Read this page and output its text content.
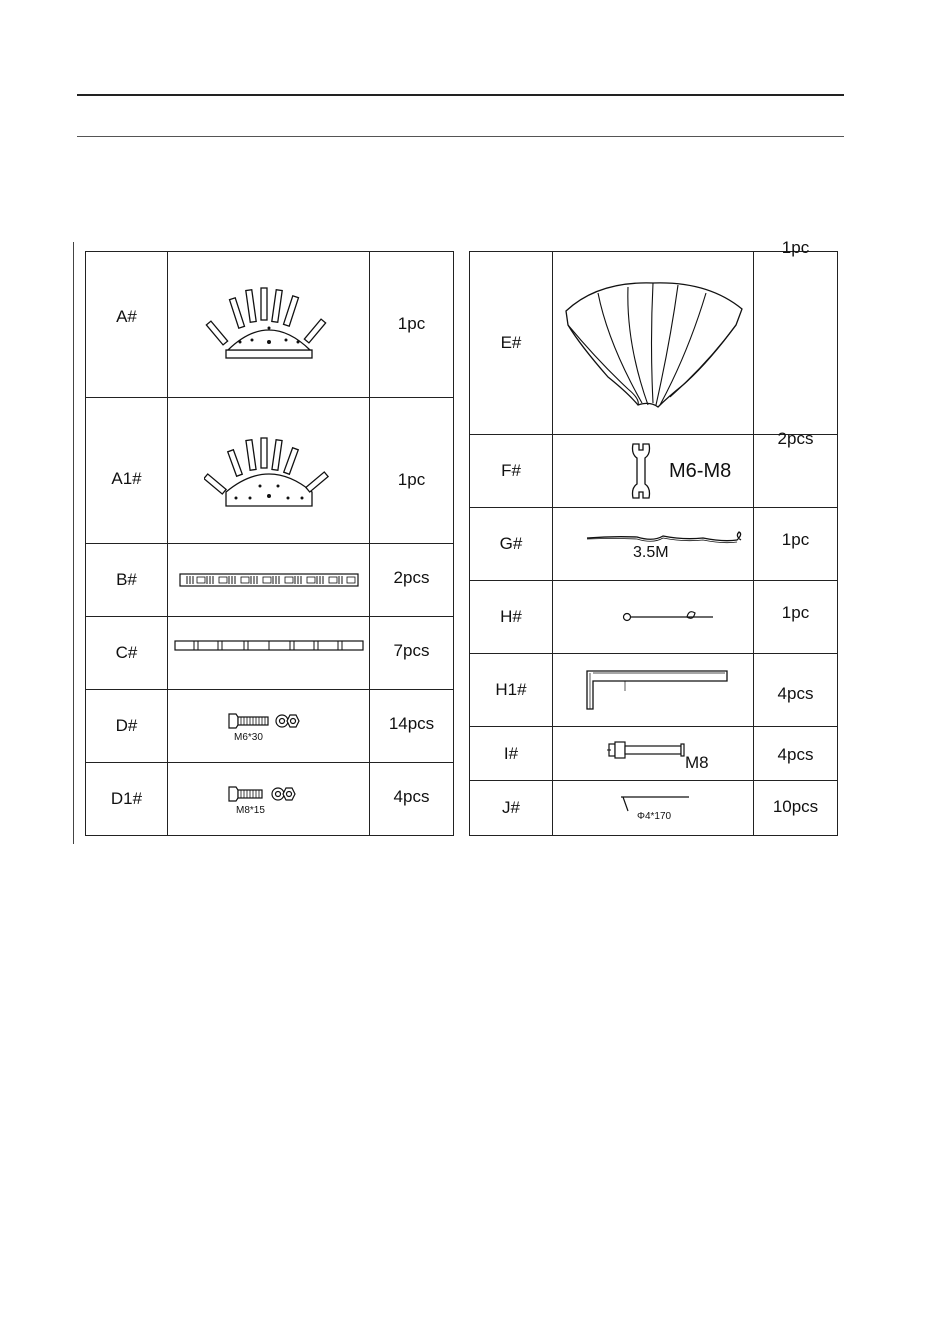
A#		1pc

A1#		1pc

B#		2pcs

C#		7pcs

D#	M6*30	14pcs

D1#	M8*15	4pcs
E#		1pc

F#	M6-M8	2pcs

G#	3.5M	1pc

H#		1pc

H1#		4pcs

I#	M8	4pcs

J#	Φ4*170	10pcs
